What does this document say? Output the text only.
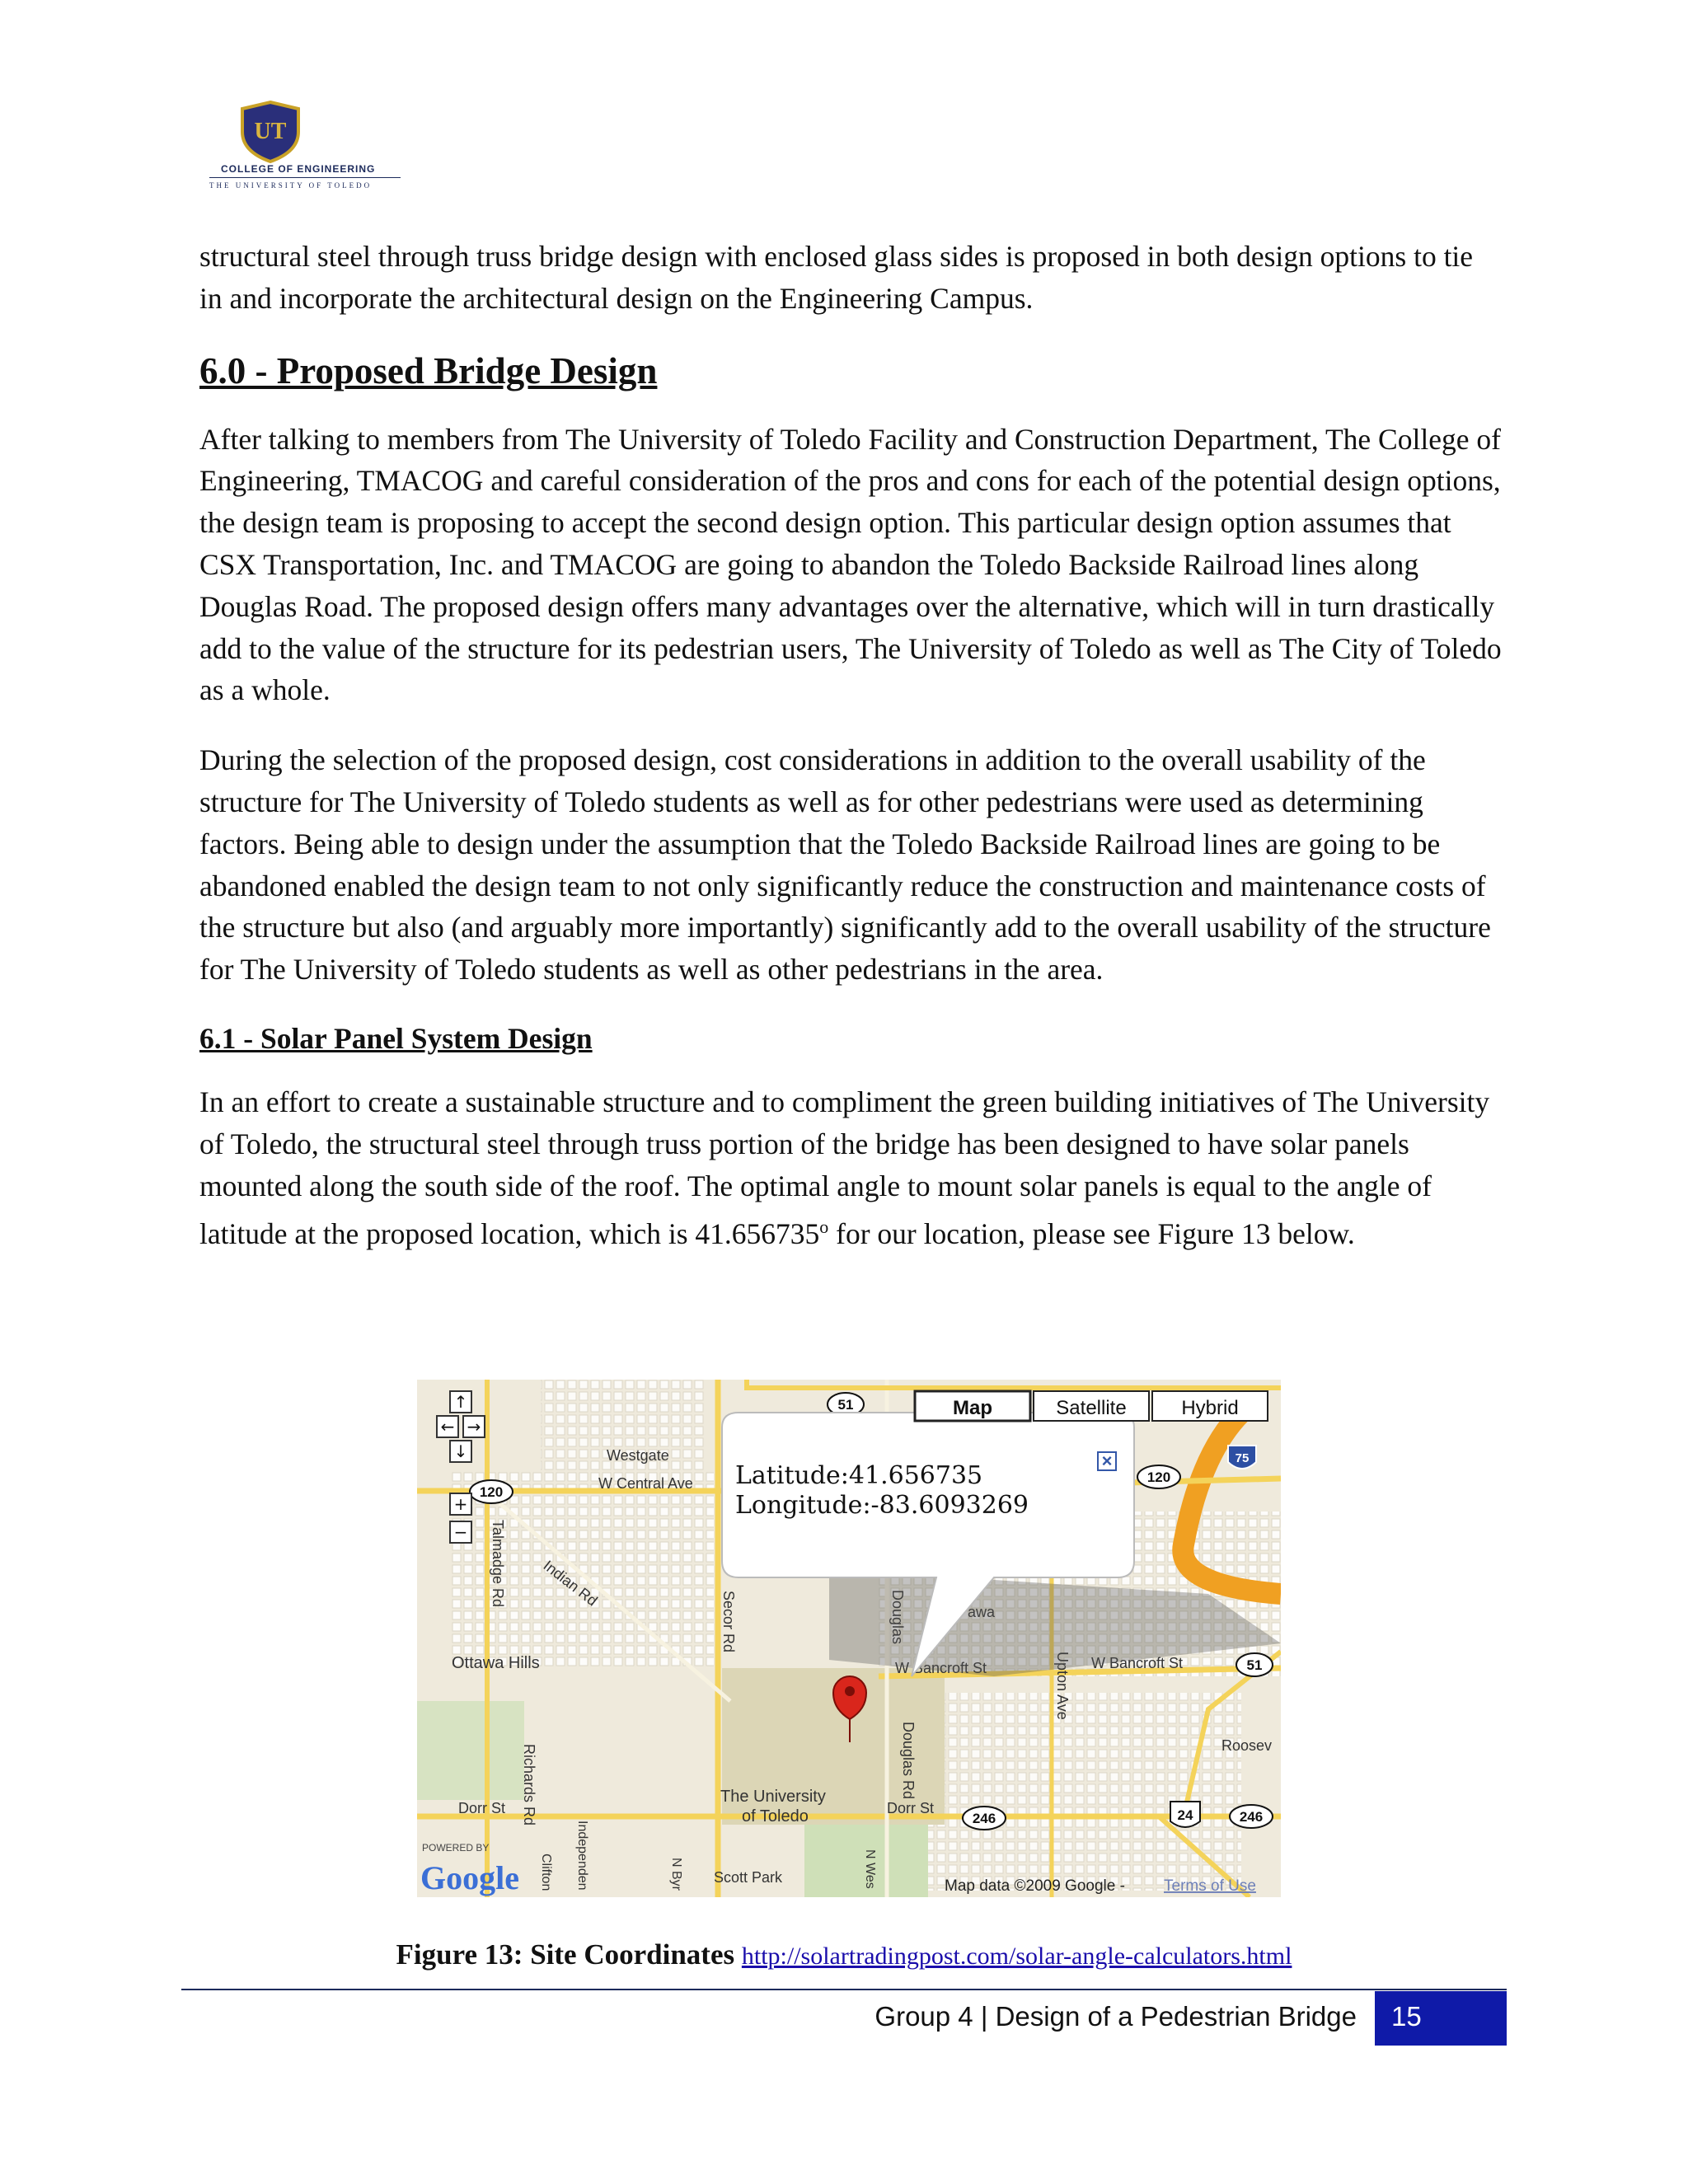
UT
COLLEGE OF ENGINEERING
THE UNIVERSITY OF TOLEDO

structural steel through truss bridge design with enclosed glass sides is proposed in both design options to tie in and incorporate the architectural design on the Engineering Campus.

6.0 - Proposed Bridge Design

After talking to members from The University of Toledo Facility and Construction Department, The College of Engineering, TMACOG and careful consideration of the pros and cons for each of the potential design options, the design team is proposing to accept the second design option. This particular design option assumes that CSX Transportation, Inc. and TMACOG are going to abandon the Toledo Backside Railroad lines along Douglas Road. The proposed design offers many advantages over the alternative, which will in turn drastically add to the value of the structure for its pedestrian users, The University of Toledo as well as The City of Toledo as a whole.

During the selection of the proposed design, cost considerations in addition to the overall usability of the structure for The University of Toledo students as well as for other pedestrians were used as determining factors. Being able to design under the assumption that the Toledo Backside Railroad lines are going to be abandoned enabled the design team to not only significantly reduce the construction and maintenance costs of the structure but also (and arguably more importantly) significantly add to the overall usability of the structure for The University of Toledo students as well as other pedestrians in the area.

6.1 - Solar Panel System Design

In an effort to create a sustainable structure and to compliment the green building initiatives of The University of Toledo, the structural steel through truss portion of the bridge has been designed to have solar panels mounted along the south side of the roof. The optimal angle to mount solar panels is equal to the angle of latitude at the proposed location, which is 41.656735$^o$ for our location, please see Figure 13 below.

Westgate
W Central Ave
Ottawa Hills	W Bancroft St	W Bancroft St
awa
Roosev
The University
of Toledo
Dorr St	Dorr St
Scott Park
Talmadge Rd Indian Rd
Secor Rd	Douglas
Upton Ave
Richards Rd	Douglas Rd
Independen
Clifton	N Byr	N Wes
51
120
120
75
51
246	24	246
Latitude:41.656735
Longitude:-83.6093269
×
↑
← →
↓
+
−
Map	Satellite	Hybrid
POWERED BY
Google	Map data ©2009 Google - Terms of Use
Figure 13: Site Coordinates http://solartradingpost.com/solar-angle-calculators.html
Group 4 | Design of a Pedestrian Bridge 15
